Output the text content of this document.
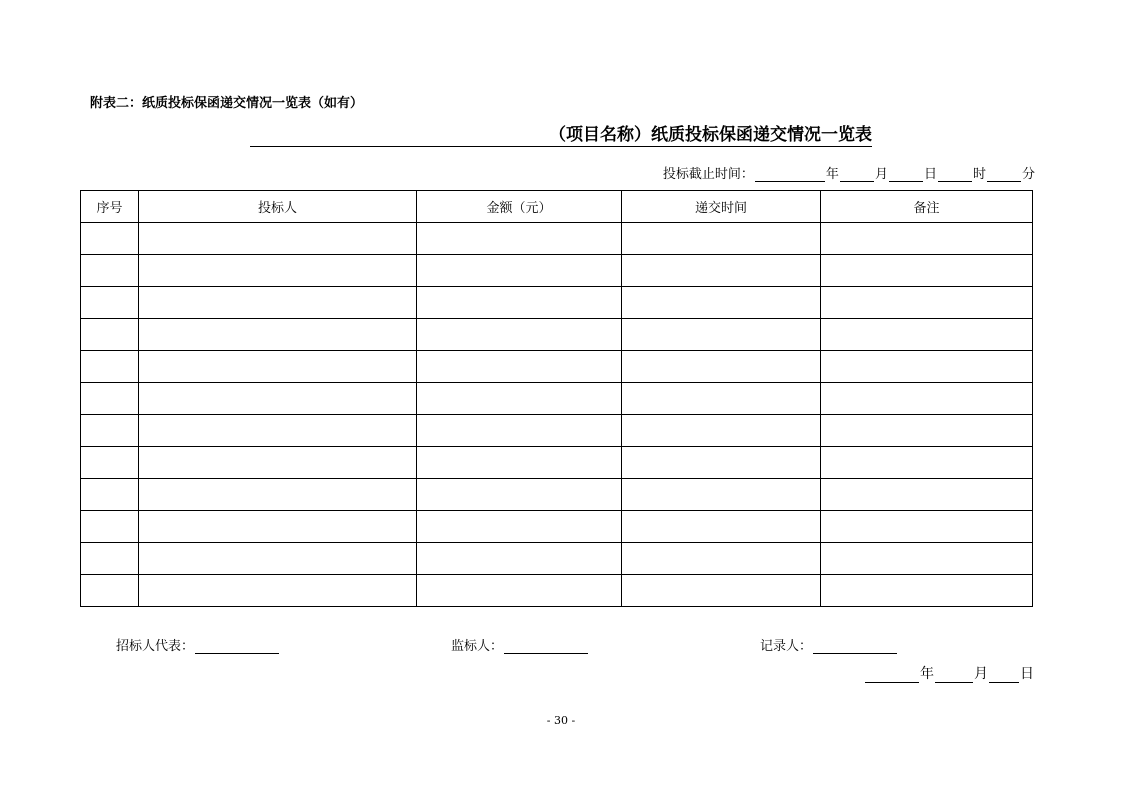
附表二：纸质投标保函递交情况一览表（如有）
（项目名称）纸质投标保函递交情况一览表
投标截止时间：	年	月	日	时	分
序号	投标人	金额（元）	递交时间	备注

招标人代表：	监标人：	记录人：
年	月 日
- 30 -
